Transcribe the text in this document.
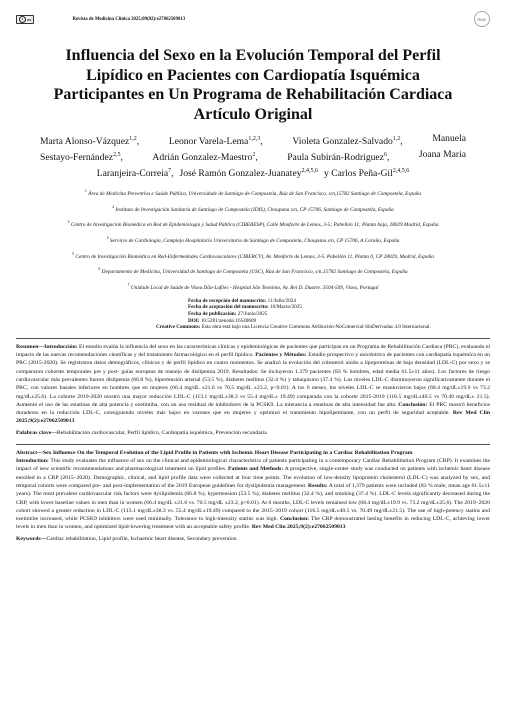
c cc	Revista de Medicina Clínica 2025;09(02):e27062509013	RMC
Influencia del Sexo en la Evolución Temporal del Perfil
Lipídico en Pacientes con Cardiopatía Isquémica
Participantes en Un Programa de Rehabilitación Cardiaca
Artículo Original
Marta Alonso-Vázquez$^{1,2}$,	Leonor Varela-Lema$^{1,2,3}$,	Violeta Gonzalez-Salvado$^{1,2}$,	Manuela
Sestayo-Fernández$^{2,5}$,	Adrián Gonzalez-Maestro$^2$,	Paula Subirán-Rodriguez$^6$,	Joana Maria
Laranjeira-Correia$^7$, José Ramón Gonzalez-Juanatey$^{2,4,5,6}$ y Carlos Peña-Gil$^{2,4,5,6}$
$^1$ Área de Medicina Preventiva e Saúde Pública, Universidade de Santiago de Compostela, Rúa de San Francisco, s/n,15782 Santiago de Compostela, España
$^2$ Instituto de Investigación Sanitaria de Santiago de Compostela (IDIS), Choupana s/n, CP 15706, Santiago de Compostela, España
$^3$ Centro de Investigación Biomédica en Red de Epidemiología y Salud Pública (CIBERESP), Calle Monforte de Lemos, 3-5; Pabellón 11; Planta baja, 28029 Madrid, España
$^4$ Servicio de Cardiología, Complejo Hospitalario Universitario de Santiago de Compostela, Choupana s/n, CP 15706, A Coruña, España
$^5$ Centro de Investigación Biomédica en Red-Enfermedades Cardiovasculares (CIBERCV), Av. Monforte de Lemos, 3-5. Pabellón 11. Planta 0, CP 28029, Madrid, España
$^6$ Departamento de Medicina, Universidad de Santiago de Compostela (USC), Rúa de San Francisco, s/n,15782 Santiago de Compostela, España
$^7$ Unidade Local de Saúde de Viseu Dão-Lafões - Hospital São Teotónio, Av. Rei D. Duarte. 3504-509, Viseu, Portugal
Fecha de recepción del manuscrito: 11/Julio/2024
Fecha de aceptación del manuscrito: 16/Marzo/2025
Fecha de publicación: 27/Junio/2025
DOI: 10.5281/zenodo.16540609
Creative Commons: Esta obra está bajo una Licencia Creative Commons Atribución-NoComercial-SinDerivadas 4.0 Internacional.
Resumen—Introducción: El estudio evalúa la influencia del sexo en las características clínicas y epidemiológicas de pacientes que participan en un Programa de Rehabilitación Cardíaca (PRC), evaluando el impacto de las nuevas recomendaciones científicas y del tratamiento farmacológico en el perfil lipídico. Pacientes y Métodos: Estudio prospectivo y unicéntrico de pacientes con cardiopatía isquémica en un PRC (2015-2020). Se registraron datos demográficos, clínicos y de perfil lipídico en cuatro momentos. Se analizó la evolución del colesterol unido a lipoproteínas de baja densidad (LDL-C) por sexo y se compararon cohortes temporales pre y post- guías europeas de manejo de dislipemia 2019. Resultados: Se incluyeron 1.379 pacientes (83 % hombres, edad media 61.5±11 años). Los factores de riesgo cardiovascular más prevalentes fueron dislipemia (66.8 %), hipertensión arterial (53.5 %), diabetes mellitus (32.4 %) y tabaquismo (37.4 %). Los niveles LDL-C disminuyeron significativamente durante el PRC, con valores basales inferiores en hombres que en mujeres (66.4 mg/dL ±21.6 vs 70.5 mg/dL ±23.2, p<0.01). A los 6 meses, los niveles LDL-C se mantuvieron bajos (68.4 mg/dL±19.9 vs 73.2 mg/dL±25.6). La cohorte 2019-2020 mostró una mayor reducción LDL-C (113.1 mg/dL±38.3 vs 55.4 mg/dL± 19.49) comparada con la cohorte 2015-2019 (116.5 mg/dL±40.5 vs 70.49 mg/dL± 21.5). Aumentó el uso de las estatinas de alta potencia y ezetimiba, con un uso residual de inhibidores de la PCSK9. La tolerancia a estatinas de alta intensidad fue alta. Conclusión: El PRC mostró beneficios duraderos en la reducción LDL-C, consiguiendo niveles más bajos en varones que en mujeres y optimizó el tratamiento hipolipemiante, con un perfil de seguridad aceptable. Rev Med Clin 2025;9(2):e27062509013
Palabras clave—Rehabilitación cardiovascular, Perfil lipídico, Cardiopatía isquémica, Prevención secundaria
Abstract—Sex Influence On the Temporal Evolution of the Lipid Profile in Patients with Ischemic Heart Disease Participating in a Cardiac Rehabilitation Program
Introduction: This study evaluates the influence of sex on the clinical and epidemiological characteristics of patients participating in a contemporary Cardiac Rehabilitation Program (CRP). It examines the impact of new scientific recommendations and pharmacological treatment on lipid profiles. Patients and Methods: A prospective, single-center study was conducted on patients with ischemic heart disease enrolled in a CRP (2015–2020). Demographic, clinical, and lipid profile data were collected at four time points. The evolution of low-density lipoprotein cholesterol (LDL-C) was analyzed by sex, and temporal cohorts were compared pre- and post-implementation of the 2019 European guidelines for dyslipidemia management. Results: A total of 1,379 patients were included (83 % male, mean age 61.5±11 years). The most prevalent cardiovascular risk factors were dyslipidemia (66.8 %), hypertension (53.5 %), diabetes mellitus (32.4 %), and smoking (37.4 %). LDL-C levels significantly decreased during the CRP, with lower baseline values in men than in women (66.4 mg/dL ±21.6 vs. 70.5 mg/dL ±23.2, p<0.01). At 6 months, LDL-C levels remained low (68.4 mg/dL±19.9 vs. 73.2 mg/dL±25.6). The 2019–2020 cohort showed a greater reduction in LDL-C (113.1 mg/dL±38.3 vs. 55.4 mg/dL±19.49) compared to the 2015–2019 cohort (116.5 mg/dL±40.5 vs. 70.49 mg/dL±21.5). The use of high-potency statins and ezetimibe increased, while PCSK9 inhibitors were used minimally. Tolerance to high-intensity statins was high. Conclusion: The CRP demonstrated lasting benefits in reducing LDL-C, achieving lower levels in men than in women, and optimized lipid-lowering treatment with an acceptable safety profile. Rev Med Clin 2025;9(2):e27062509013
Keywords—Cardiac rehabilitation, Lipid profile, Ischaemic heart disease, Secondary prevention
